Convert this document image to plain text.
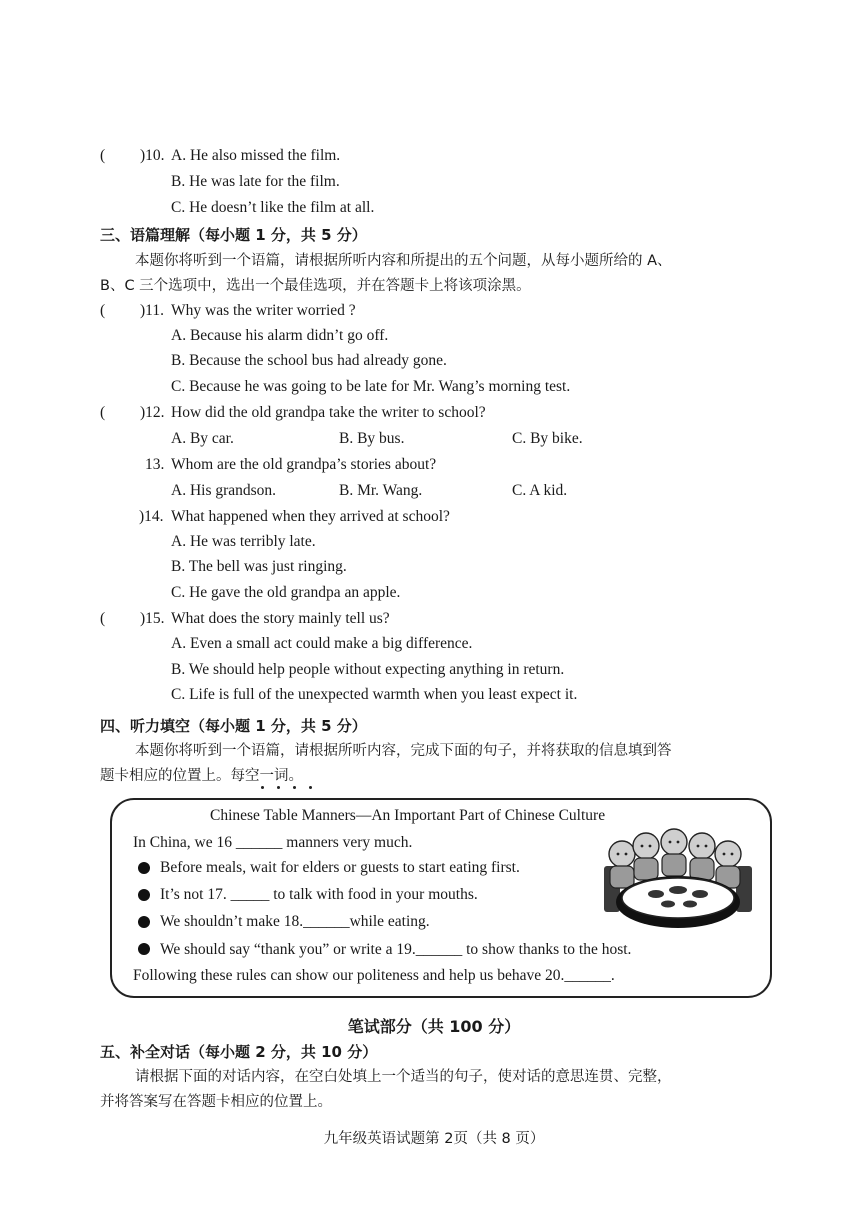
( )10. A. He also missed the film.
B. He was late for the film.
C. He doesn’t like the film at all.
三、语篇理解（每小题 1 分，共 5 分）
本题你将听到一个语篇，请根据所听内容和所提出的五个问题，从每小题所给的 A、
B、C 三个选项中，选出一个最佳选项，并在答题卡上将该项涂黑。
( )11. Why was the writer worried ?
A. Because his alarm didn’t go off.
B. Because the school bus had already gone.
C. Because he was going to be late for Mr. Wang’s morning test.
( )12. How did the old grandpa take the writer to school?
A. By car.	B. By bus.	C. By bike.
13. Whom are the old grandpa’s stories about?
A. His grandson.	B. Mr. Wang.	C. A kid.
)14. What happened when they arrived at school?
A. He was terribly late.
B. The bell was just ringing.
C. He gave the old grandpa an apple.
( )15. What does the story mainly tell us?
A. Even a small act could make a big difference.
B. We should help people without expecting anything in return.
C. Life is full of the unexpected warmth when you least expect it.
四、听力填空（每小题 1 分，共 5 分）
本题你将听到一个语篇，请根据所听内容，完成下面的句子，并将获取的信息填到答
题卡相应的位置上。每空一词。
Chinese Table Manners—An Important Part of Chinese Culture
In China, we 16 ______ manners very much.
Before meals, wait for elders or guests to start eating first.
It’s not 17. _____ to talk with food in your mouths.
We shouldn’t make 18.______while eating.
We should say “thank you” or write a 19.______ to show thanks to the host.
Following these rules can show our politeness and help us behave 20.______.
笔试部分（共 100 分）
五、补全对话（每小题 2 分，共 10 分）
请根据下面的对话内容，在空白处填上一个适当的句子，使对话的意思连贯、完整，
并将答案写在答题卡相应的位置上。
九年级英语试题第 2页（共 8 页）
